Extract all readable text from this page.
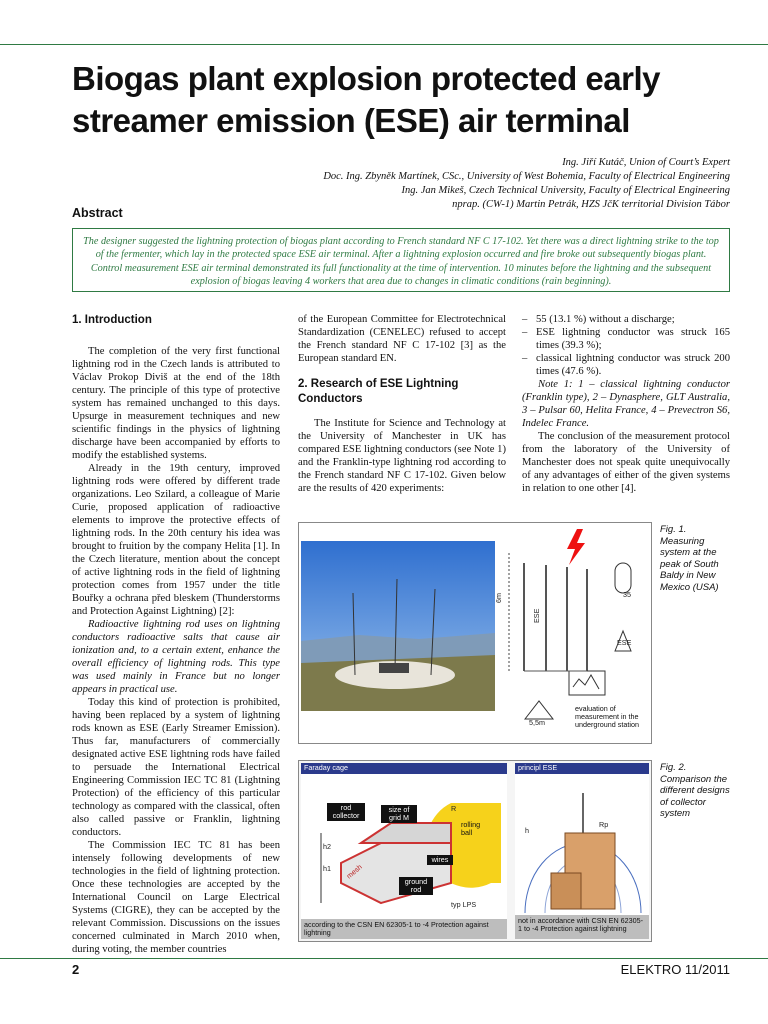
Biogas plant explosion protected early streamer emission (ESE) air terminal
Ing. Jiří Kutáč, Union of Court’s Expert
Doc. Ing. Zbyněk Martínek, CSc., University of West Bohemia, Faculty of Electrical Engineering
Ing. Jan Mikeš, Czech Technical University, Faculty of Electrical Engineering
nprap. (CW-1) Martin Petrák, HZS JčK territorial Division Tábor
Abstract
The designer suggested the lightning protection of biogas plant according to French standard NF C 17-102. Yet there was a direct lightning strike to the top of the fermenter, which lay in the protected space ESE air terminal. After a lightning explosion occurred and fire broke out subsequently biogas plant. Control measurement ESE air terminal demonstrated its full functionality at the time of intervention. 10 minutes before the lightning and the subsequent explosion of biogas leaving 4 workers that area due to changes in climatic conditions (rain beginning).
1. Introduction

The completion of the very first functional lightning rod in the Czech lands is attributed to Václav Prokop Diviš at the end of the 18th century. The principle of this type of protective system has remained unchanged to this days. Upsurge in measurement techniques and new scientific findings in the physics of lightning discharge have been accompanied by efforts to modify the established systems.

Already in the 19th century, improved lightning rods were offered by different trade organizations. Leo Szilard, a colleague of Marie Curie, proposed application of radioactive elements to improve the protective effects of lightning rods. In the 20th century his idea was brought to fruition by the company Helita [1]. In the Czech literature, mention about the concept of active lightning rods in the field of lightning protection comes from 1957 under the title Bouřky a ochrana před bleskem (Thunderstorms and Protection Against Lightning) [2]:

Radioactive lightning rod uses on lightning conductors radioactive salts that cause air ionization and, to a certain extent, enhance the overall efficiency of lightning rods. This type was used mainly in France but no longer appears in practical use.

Today this kind of protection is prohibited, having been replaced by a system of lightning rods known as ESE (Early Streamer Emission). Thus far, manufacturers of commercially designated active ESE lightning rods have failed to persuade the International Electrical Engineering Commission IEC TC 81 (Lightning Protection) of the efficiency of this particular technology as compared with the classical, often also called passive or Franklin, lightning conductors.

The Commission IEC TC 81 has been intensely following developments of new technologies in the field of lightning protection. Once these technologies are accepted by the International Council on Large Electrical Systems (CIGRE), they can be accepted by the relevant Commission. Discussions on the issues concerned culminated in March 2010 when, during voting, the member countries

of the European Committee for Electrotechnical Standardization (CENELEC) refused to accept the French standard NF C 17-102 [3] as the European standard EN.

2. Research of ESE Lightning Conductors

The Institute for Science and Technology at the University of Manchester in UK has compared ESE lightning conductors (see Note 1) and the Franklin-type lightning rod according to the French standard NF C 17-102. Given below are the results of 420 experiments:

– 55 (13.1 %) without a discharge;
– ESE lightning conductor was struck 165 times (39.3 %);
– classical lightning conductor was struck 200 times (47.6 %).

Note 1: 1 – classical lightning conductor (Franklin type), 2 – Dynasphere, GLT Australia, 3 – Pulsar 60, Helita France, 4 – Prevectron S6, Indelec France.

The conclusion of the measurement protocol from the laboratory of the University of Manchester does not speak quite unequivocally of any advantages of either of the given systems in relation to one other [4].

6m
ESE
35
ESE
5,5m
evaluation of measurement in the underground station
Fig. 1. Measuring system at the peak of South Baldy in New Mexico (USA)
Faraday cage
h1
h2
R
mesh
typ LPS
rod collector
size of grid M
rolling ball
wires
ground rod
according to the CSN EN 62305-1 to -4 Protection against lightning
principl ESE
h
Rp
not in accordance with CSN EN 62305-1 to -4 Protection against lightning
Fig. 2. Comparison the different designs of collector system
2	ELEKTRO 11/2011
